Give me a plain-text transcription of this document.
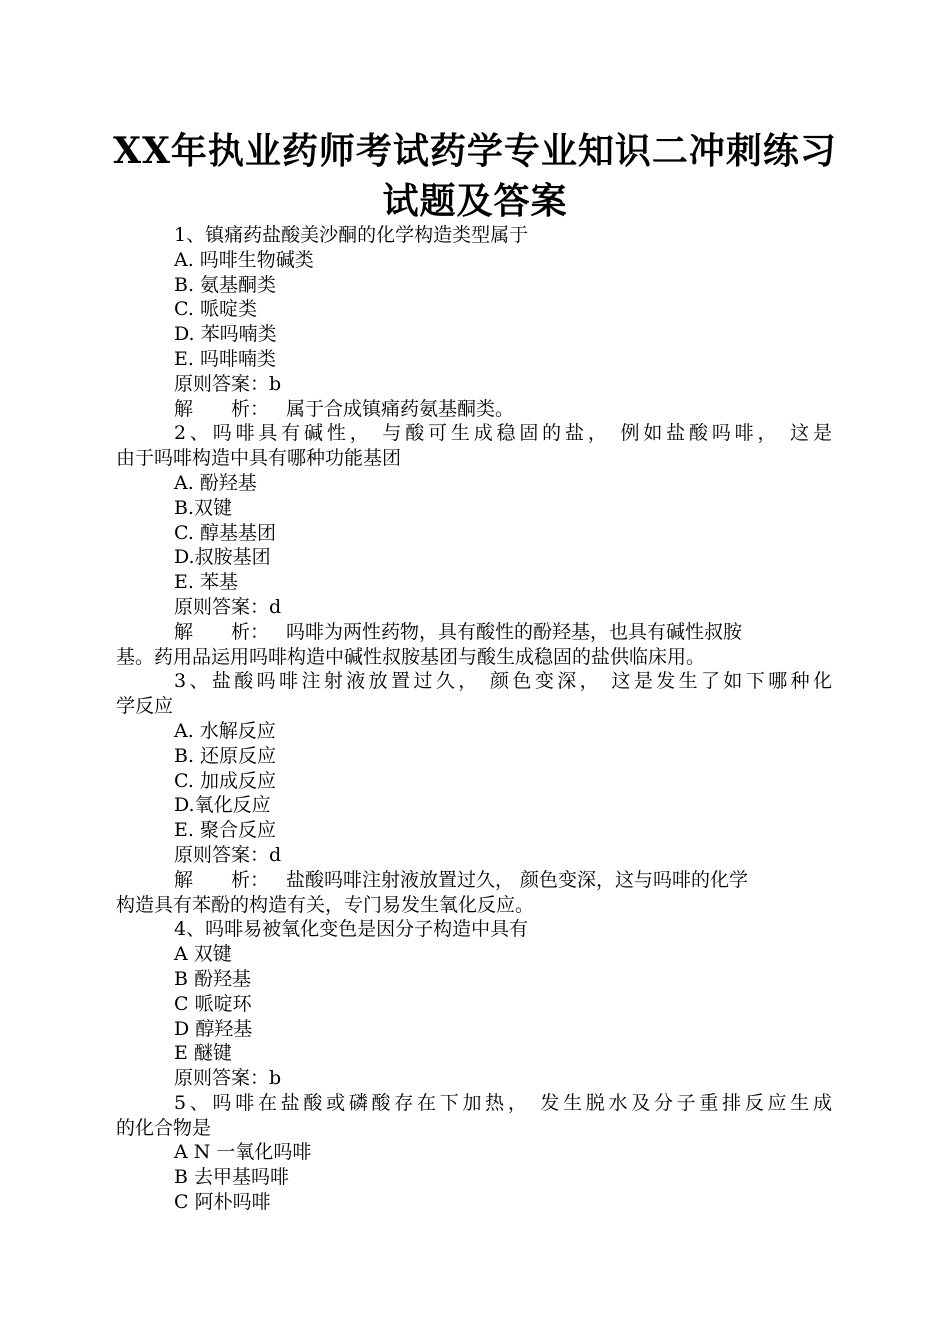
XX年执业药师考试药学专业知识二冲刺练习
试题及答案
1、镇痛药盐酸美沙酮的化学构造类型属于
A. 吗啡生物碱类
B. 氨基酮类
C. 哌啶类
D. 苯吗喃类
E. 吗啡喃类
原则答案：b
解　　析： 属于合成镇痛药氨基酮类。
2、吗啡具有碱性， 与酸可生成稳固的盐， 例如盐酸吗啡， 这是
由于吗啡构造中具有哪种功能基团
A. 酚羟基
B.双键
C. 醇基基团
D.叔胺基团
E. 苯基
原则答案：d
解　　析： 吗啡为两性药物，具有酸性的酚羟基，也具有碱性叔胺
基。药用品运用吗啡构造中碱性叔胺基团与酸生成稳固的盐供临床用。
3、盐酸吗啡注射液放置过久， 颜色变深， 这是发生了如下哪种化
学反应
A. 水解反应
B. 还原反应
C. 加成反应
D.氧化反应
E. 聚合反应
原则答案：d
解　　析： 盐酸吗啡注射液放置过久， 颜色变深，这与吗啡的化学
构造具有苯酚的构造有关，专门易发生氧化反应。
4、吗啡易被氧化变色是因分子构造中具有
A 双键
B 酚羟基
C 哌啶环
D 醇羟基
E 醚键
原则答案：b
5、吗啡在盐酸或磷酸存在下加热， 发生脱水及分子重排反应生成
的化合物是
A N 一氧化吗啡
B 去甲基吗啡
C 阿朴吗啡
